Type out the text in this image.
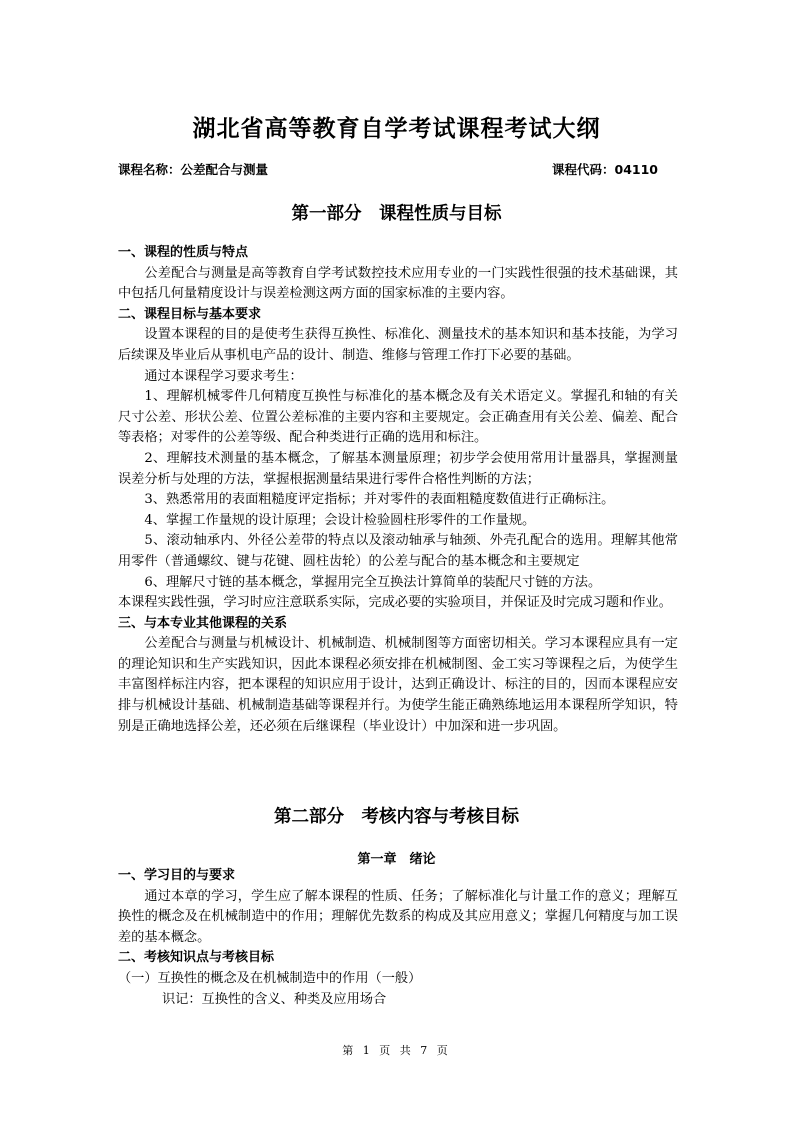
湖北省高等教育自学考试课程考试大纲
课程名称：公差配合与测量	课程代码：04110
第一部分　课程性质与目标
一、课程的性质与特点
公差配合与测量是高等教育自学考试数控技术应用专业的一门实践性很强的技术基础课，其中包括几何量精度设计与误差检测这两方面的国家标准的主要内容。
二、课程目标与基本要求
设置本课程的目的是使考生获得互换性、标准化、测量技术的基本知识和基本技能，为学习后续课及毕业后从事机电产品的设计、制造、维修与管理工作打下必要的基础。
通过本课程学习要求考生：
1、理解机械零件几何精度互换性与标准化的基本概念及有关术语定义。掌握孔和轴的有关尺寸公差、形状公差、位置公差标准的主要内容和主要规定。会正确查用有关公差、偏差、配合等表格；对零件的公差等级、配合种类进行正确的选用和标注。
2、理解技术测量的基本概念，了解基本测量原理；初步学会使用常用计量器具，掌握测量误差分析与处理的方法，掌握根据测量结果进行零件合格性判断的方法；
3、熟悉常用的表面粗糙度评定指标；并对零件的表面粗糙度数值进行正确标注。
4、掌握工作量规的设计原理；会设计检验圆柱形零件的工作量规。
5、滚动轴承内、外径公差带的特点以及滚动轴承与轴颈、外壳孔配合的选用。理解其他常用零件（普通螺纹、键与花键、圆柱齿轮）的公差与配合的基本概念和主要规定
6、理解尺寸链的基本概念，掌握用完全互换法计算简单的装配尺寸链的方法。
本课程实践性强，学习时应注意联系实际，完成必要的实验项目，并保证及时完成习题和作业。
三、与本专业其他课程的关系
公差配合与测量与机械设计、机械制造、机械制图等方面密切相关。学习本课程应具有一定的理论知识和生产实践知识，因此本课程必须安排在机械制图、金工实习等课程之后，为使学生丰富图样标注内容，把本课程的知识应用于设计，达到正确设计、标注的目的，因而本课程应安排与机械设计基础、机械制造基础等课程并行。为使学生能正确熟练地运用本课程所学知识，特别是正确地选择公差，还必须在后继课程（毕业设计）中加深和进一步巩固。
第二部分　考核内容与考核目标
第一章　绪论
一、学习目的与要求
通过本章的学习，学生应了解本课程的性质、任务；了解标准化与计量工作的意义；理解互换性的概念及在机械制造中的作用；理解优先数系的构成及其应用意义；掌握几何精度与加工误差的基本概念。
二、考核知识点与考核目标
（一）互换性的概念及在机械制造中的作用（一般）
识记：互换性的含义、种类及应用场合
第 1 页 共 7 页
